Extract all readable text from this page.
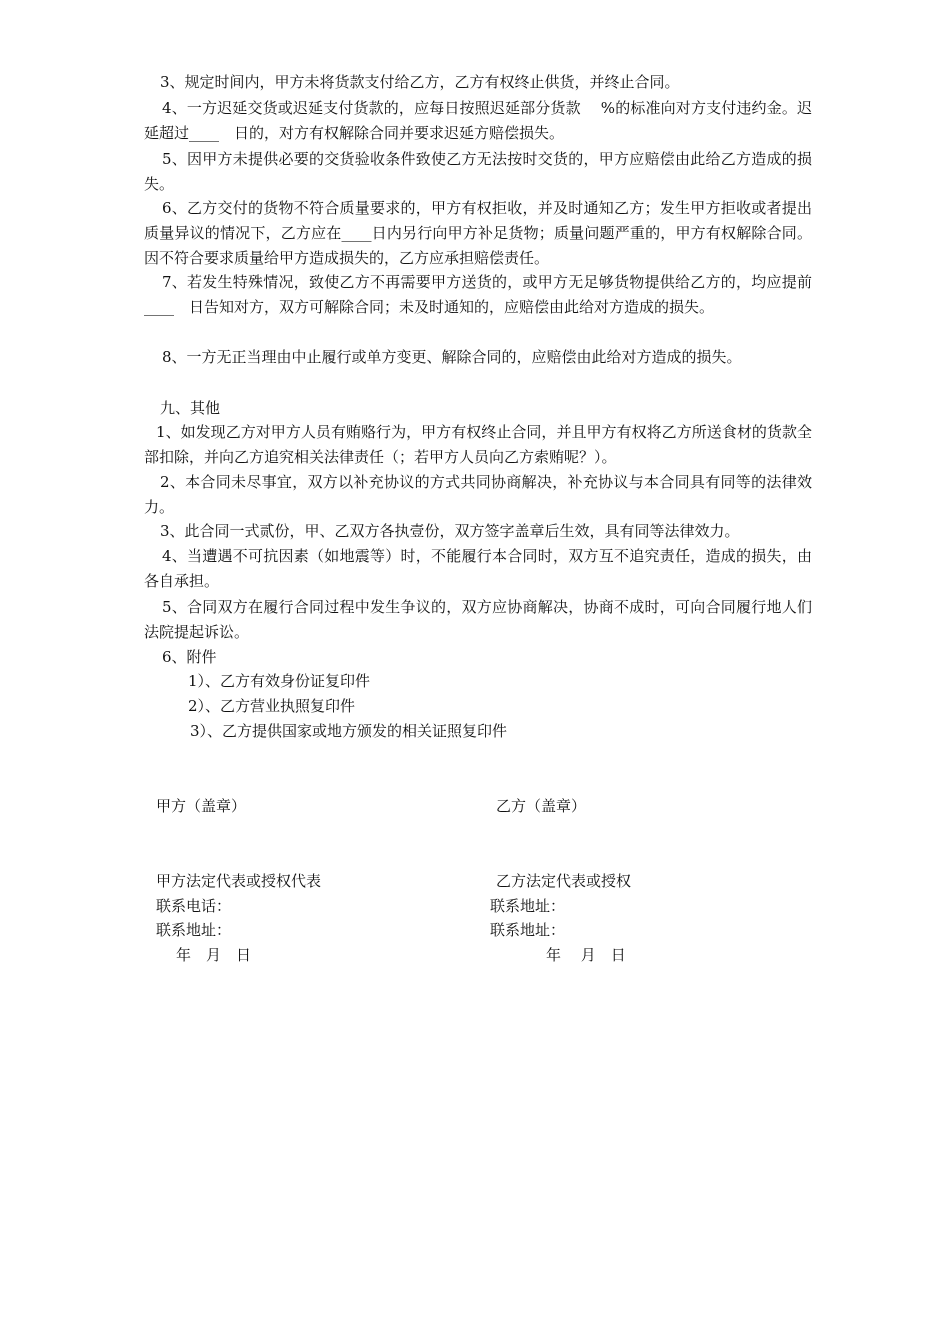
3、规定时间内，甲方未将货款支付给乙方，乙方有权终止供货，并终止合同。

4、一方迟延交货或迟延支付货款的，应每日按照迟延部分货款　 %的标准向对方支付违约金。迟延超过____　日的，对方有权解除合同并要求迟延方赔偿损失。

5、因甲方未提供必要的交货验收条件致使乙方无法按时交货的，甲方应赔偿由此给乙方造成的损失。

6、乙方交付的货物不符合质量要求的，甲方有权拒收，并及时通知乙方；发生甲方拒收或者提出质量异议的情况下，乙方应在____日内另行向甲方补足货物；质量问题严重的，甲方有权解除合同。因不符合要求质量给甲方造成损失的，乙方应承担赔偿责任。

7、若发生特殊情况，致使乙方不再需要甲方送货的，或甲方无足够货物提供给乙方的，均应提前____　日告知对方，双方可解除合同；未及时通知的，应赔偿由此给对方造成的损失。

8、一方无正当理由中止履行或单方变更、解除合同的，应赔偿由此给对方造成的损失。

九、其他

1、如发现乙方对甲方人员有贿赂行为，甲方有权终止合同，并且甲方有权将乙方所送食材的货款全部扣除，并向乙方追究相关法律责任（；若甲方人员向乙方索贿呢？）。

2、本合同未尽事宜，双方以补充协议的方式共同协商解决，补充协议与本合同具有同等的法律效力。

3、此合同一式贰份，甲、乙双方各执壹份，双方签字盖章后生效，具有同等法律效力。

4、当遭遇不可抗因素（如地震等）时，不能履行本合同时，双方互不追究责任，造成的损失，由各自承担。

5、合同双方在履行合同过程中发生争议的，双方应协商解决，协商不成时，可向合同履行地人们法院提起诉讼。

6、附件

1）、乙方有效身份证复印件

2）、乙方营业执照复印件

3）、乙方提供国家或地方颁发的相关证照复印件

甲方（盖章）

甲方法定代表或授权代表

联系电话：

联系地址：

年　月　日

乙方（盖章）

乙方法定代表或授权

联系地址：

联系地址：

年　 月　日
